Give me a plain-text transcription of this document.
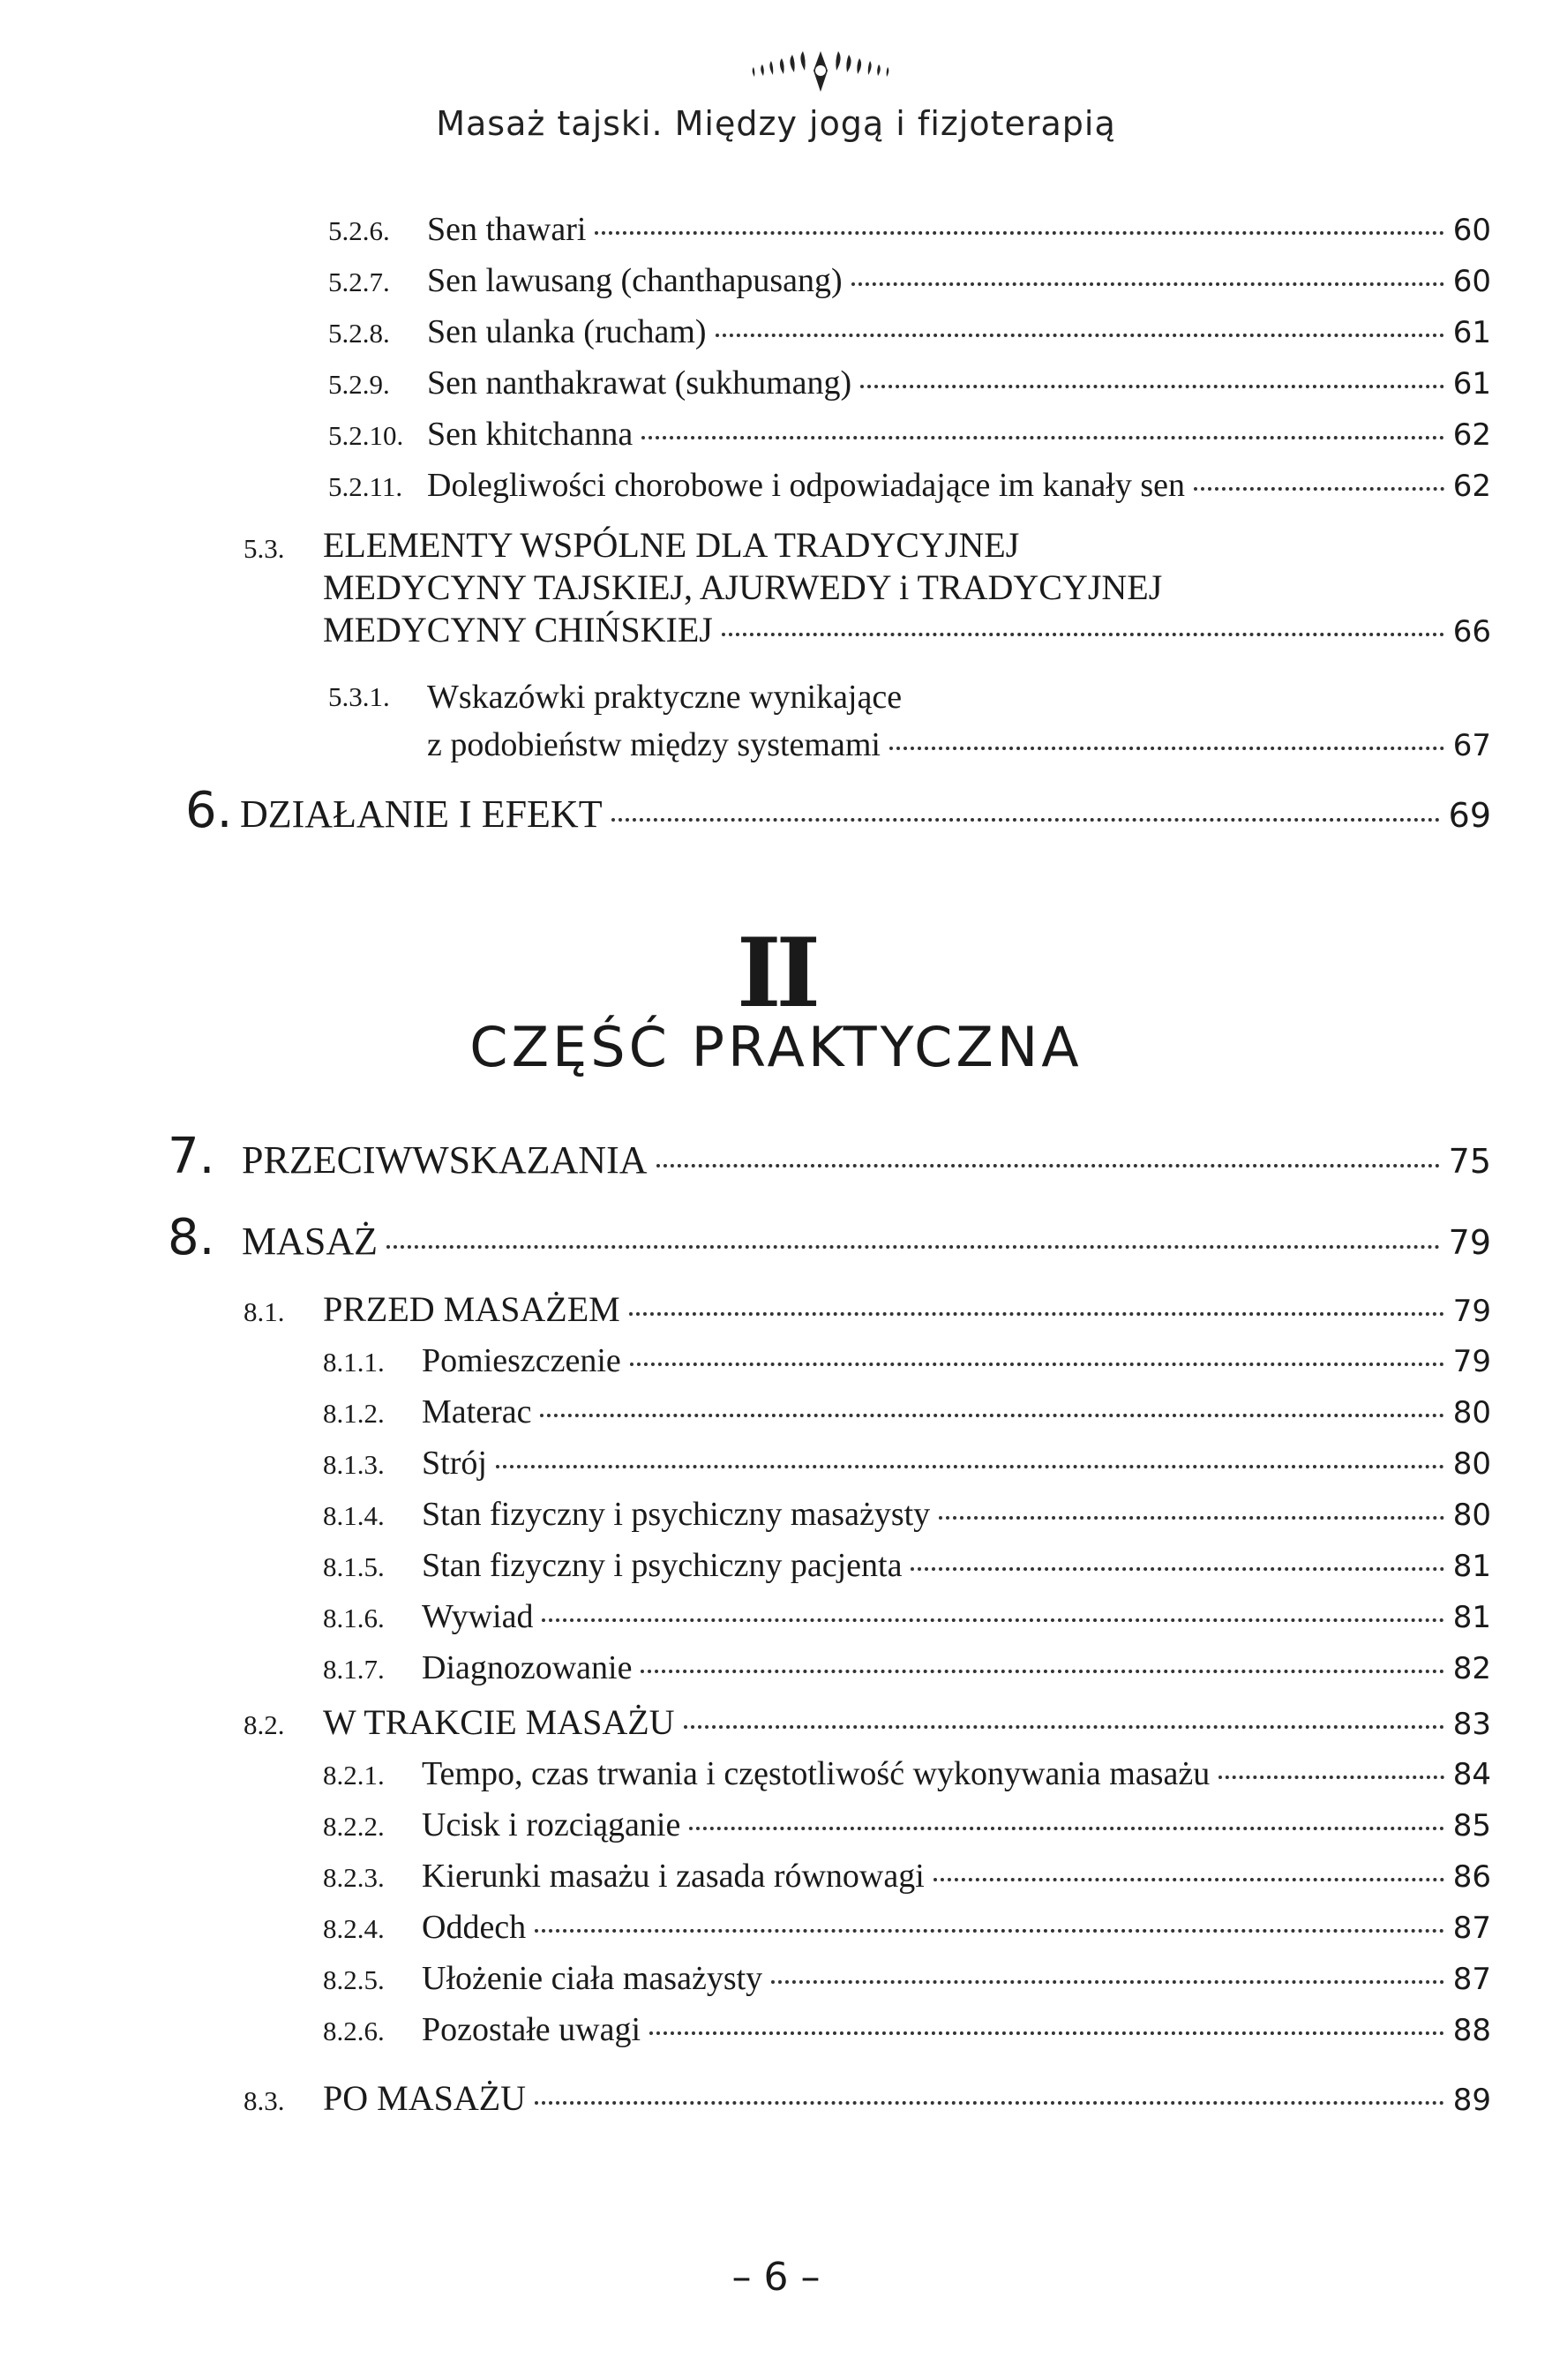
Masaż tajski. Między jogą i fizjoterapią
5.2.6.	Sen thawari	60
5.2.7.	Sen lawusang (chanthapusang)	60
5.2.8.	Sen ulanka (rucham)	61
5.2.9.	Sen nanthakrawat (sukhumang)	61
5.2.10. Sen khitchanna	62
5.2.11. Dolegliwości chorobowe i odpowiadające im kanały sen	62
5.3.	ELEMENTY WSPÓLNE DLA TRADYCYJNEJ
MEDYCYNY TAJSKIEJ, AJURWEDY i TRADYCYJNEJ
MEDYCYNY CHIŃSKIEJ	66
5.3.1.	Wskazówki praktyczne wynikające
z podobieństw między systemami	67
6. DZIAŁANIE I EFEKT	69
II
CZĘŚĆ PRAKTYCZNA
7. PRZECIWWSKAZANIA	75
8. MASAŻ	79
8.1.	PRZED MASAŻEM	79
8.1.1.	Pomieszczenie	79
8.1.2.	Materac	80
8.1.3.	Strój	80
8.1.4.	Stan fizyczny i psychiczny masażysty	80
8.1.5.	Stan fizyczny i psychiczny pacjenta	81
8.1.6.	Wywiad	81
8.1.7.	Diagnozowanie	82
8.2.	W TRAKCIE MASAŻU	83
8.2.1.	Tempo, czas trwania i częstotliwość wykonywania masażu	84
8.2.2.	Ucisk i rozciąganie	85
8.2.3.	Kierunki masażu i zasada równowagi	86
8.2.4.	Oddech	87
8.2.5.	Ułożenie ciała masażysty	87
8.2.6.	Pozostałe uwagi	88
8.3.	PO MASAŻU	89
– 6 –
